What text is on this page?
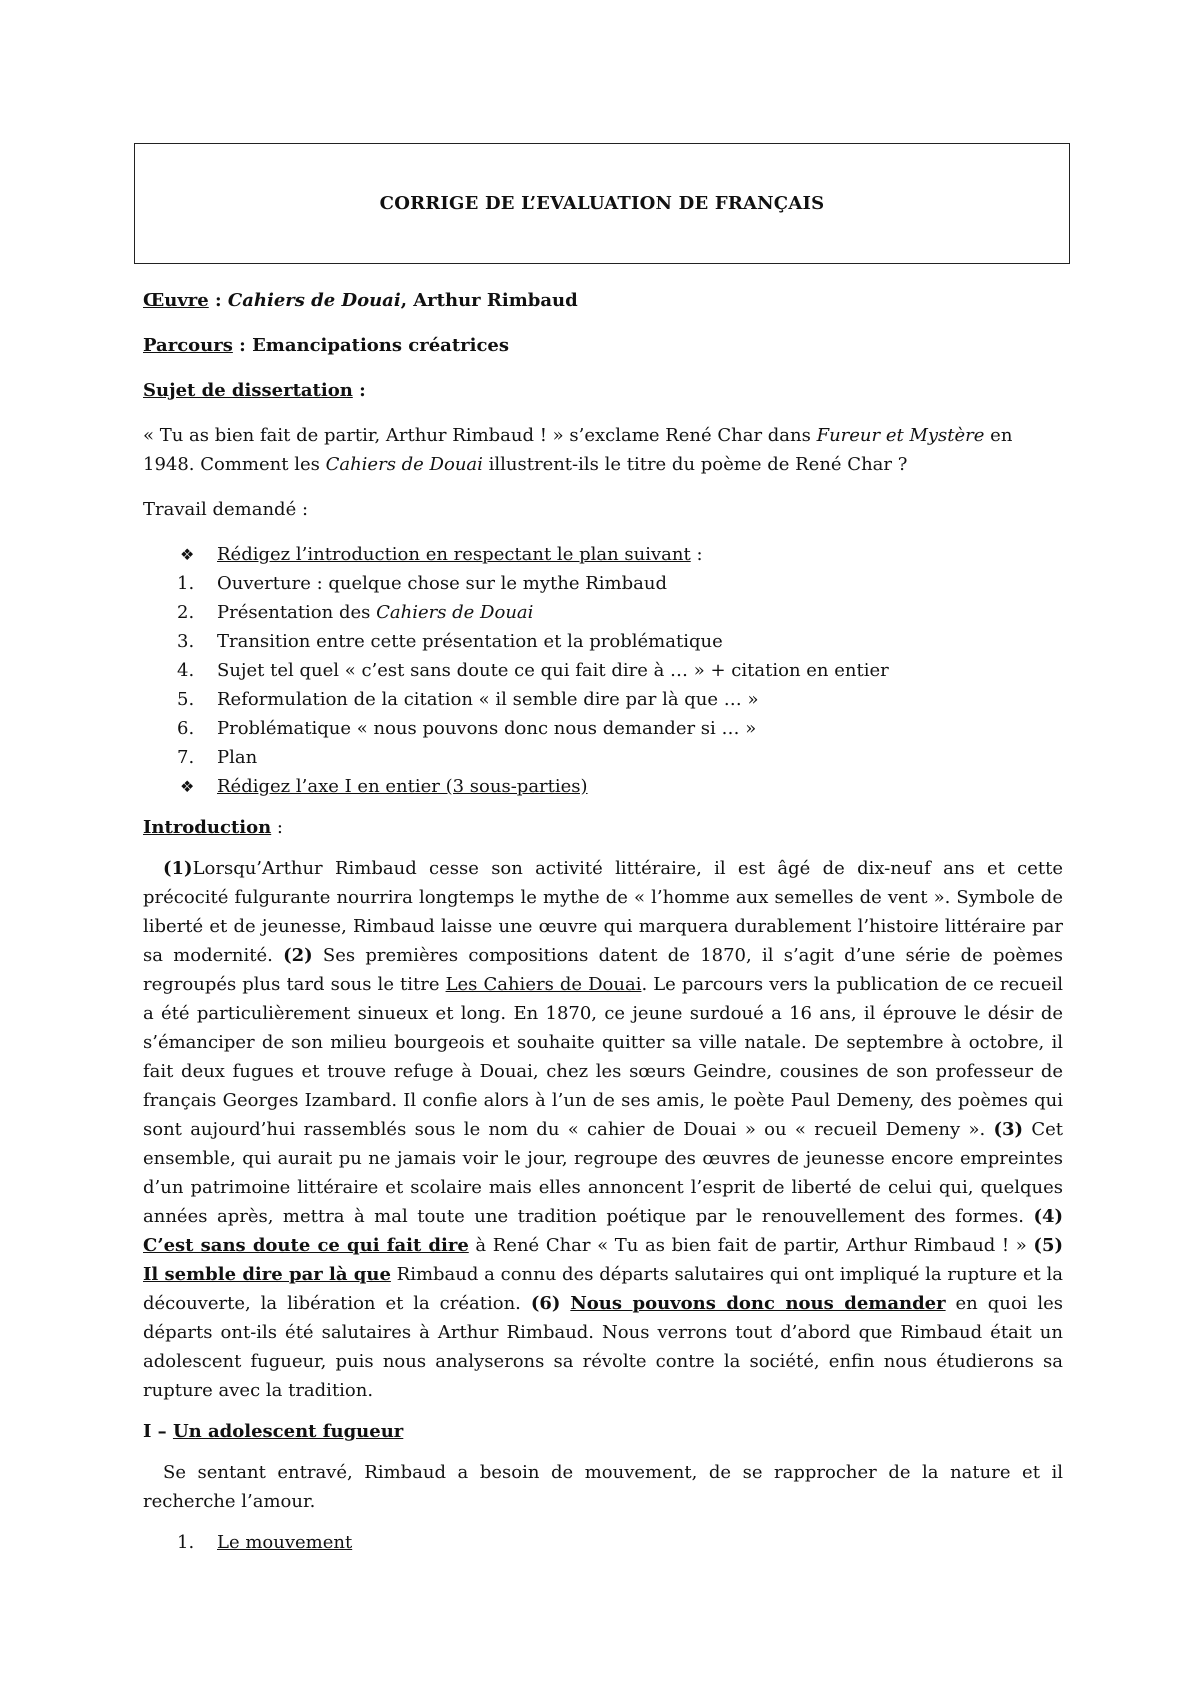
CORRIGE DE L’EVALUATION DE FRANÇAIS

Œuvre : Cahiers de Douai, Arthur Rimbaud

Parcours : Emancipations créatrices

Sujet de dissertation :

« Tu as bien fait de partir, Arthur Rimbaud ! » s’exclame René Char dans Fureur et Mystère en 1948. Comment les Cahiers de Douai illustrent-ils le titre du poème de René Char ?

Travail demandé :

❖	Rédigez l’introduction en respectant le plan suivant :
1.	Ouverture : quelque chose sur le mythe Rimbaud
2.	Présentation des Cahiers de Douai
3.	Transition entre cette présentation et la problématique
4.	Sujet tel quel « c’est sans doute ce qui fait dire à … » + citation en entier
5.	Reformulation de la citation « il semble dire par là que … »
6.	Problématique « nous pouvons donc nous demander si … »
7.	Plan
❖	Rédigez l’axe I en entier (3 sous-parties)

Introduction :

(1)Lorsqu’Arthur Rimbaud cesse son activité littéraire, il est âgé de dix-neuf ans et cette précocité fulgurante nourrira longtemps le mythe de « l’homme aux semelles de vent ». Symbole de liberté et de jeunesse, Rimbaud laisse une œuvre qui marquera durablement l’histoire littéraire par sa modernité. (2) Ses premières compositions datent de 1870, il s’agit d’une série de poèmes regroupés plus tard sous le titre Les Cahiers de Douai. Le parcours vers la publication de ce recueil a été particulièrement sinueux et long. En 1870, ce jeune surdoué a 16 ans, il éprouve le désir de s’émanciper de son milieu bourgeois et souhaite quitter sa ville natale. De septembre à octobre, il fait deux fugues et trouve refuge à Douai, chez les sœurs Geindre, cousines de son professeur de français Georges Izambard. Il confie alors à l’un de ses amis, le poète Paul Demeny, des poèmes qui sont aujourd’hui rassemblés sous le nom du « cahier de Douai » ou « recueil Demeny ». (3) Cet ensemble, qui aurait pu ne jamais voir le jour, regroupe des œuvres de jeunesse encore empreintes d’un patrimoine littéraire et scolaire mais elles annoncent l’esprit de liberté de celui qui, quelques années après, mettra à mal toute une tradition poétique par le renouvellement des formes. (4) C’est sans doute ce qui fait dire à René Char « Tu as bien fait de partir, Arthur Rimbaud ! » (5) Il semble dire par là que Rimbaud a connu des départs salutaires qui ont impliqué la rupture et la découverte, la libération et la création. (6) Nous pouvons donc nous demander en quoi les départs ont-ils été salutaires à Arthur Rimbaud. Nous verrons tout d’abord que Rimbaud était un adolescent fugueur, puis nous analyserons sa révolte contre la société, enfin nous étudierons sa rupture avec la tradition.

I – Un adolescent fugueur

Se sentant entravé, Rimbaud a besoin de mouvement, de se rapprocher de la nature et il recherche l’amour.

1.	Le mouvement
